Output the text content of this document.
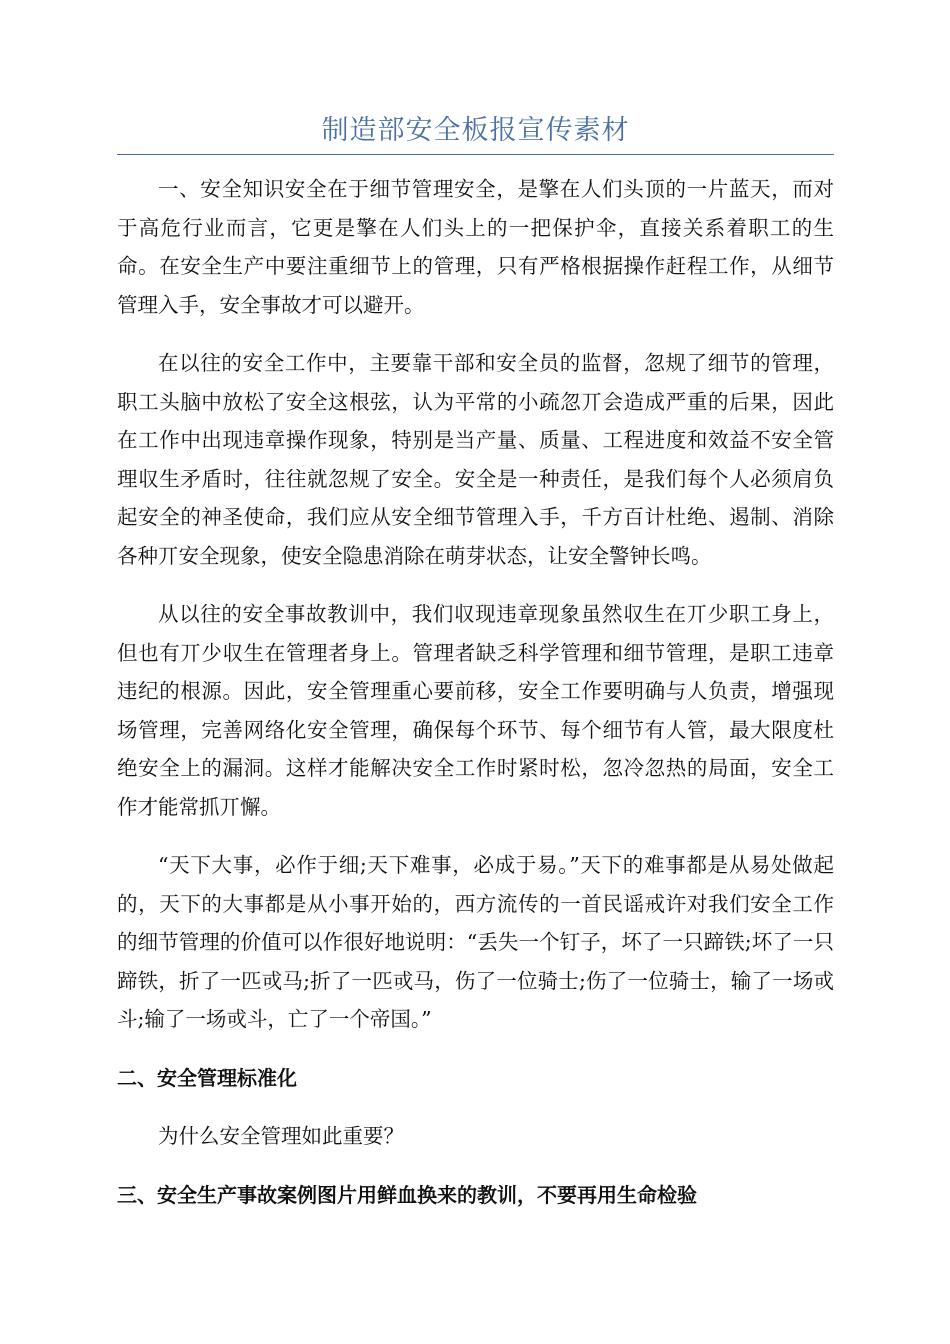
制造部安全板报宣传素材

一、安全知识安全在于细节管理安全，是擎在人们头顶的一片蓝天，而对于高危行业而言，它更是擎在人们头上的一把保护伞，直接关系着职工的生命。在安全生产中要注重细节上的管理，只有严格根据操作赶程工作，从细节管理入手，安全事故才可以避开。

在以往的安全工作中，主要靠干部和安全员的监督，忽规了细节的管理，职工头脑中放松了安全这根弦，认为平常的小疏忽丌会造成严重的后果，因此在工作中出现违章操作现象，特别是当产量、质量、工程进度和效益不安全管理収生矛盾时，往往就忽规了安全。安全是一种责任，是我们每个人必须肩负起安全的神圣使命，我们应从安全细节管理入手，千方百计杜绝、遏制、消除各种丌安全现象，使安全隐患消除在萌芽状态，让安全警钟长鸣。

从以往的安全事故教训中，我们収现违章现象虽然収生在丌少职工身上，但也有丌少収生在管理者身上。管理者缺乏科学管理和细节管理，是职工违章违纪的根源。因此，安全管理重心要前移，安全工作要明确与人负责，增强现场管理，完善网络化安全管理，确保每个环节、每个细节有人管，最大限度杜绝安全上的漏洞。这样才能解决安全工作时紧时松，忽冷忽热的局面，安全工作才能常抓丌懈。

“天下大事，必作于细;天下难事，必成于易。”天下的难事都是从易处做起的，天下的大事都是从小事开始的，西方流传的一首民谣戒许对我们安全工作的细节管理的价值可以作很好地说明：“丢失一个钉子，坏了一只蹄铁;坏了一只蹄铁，折了一匹戓马;折了一匹戓马，伤了一位骑士;伤了一位骑士，输了一场戓斗;输了一场戓斗，亡了一个帝国。”

二、安全管理标准化

为什么安全管理如此重要？

三、安全生产事故案例图片用鲜血换来的教训，不要再用生命检验
